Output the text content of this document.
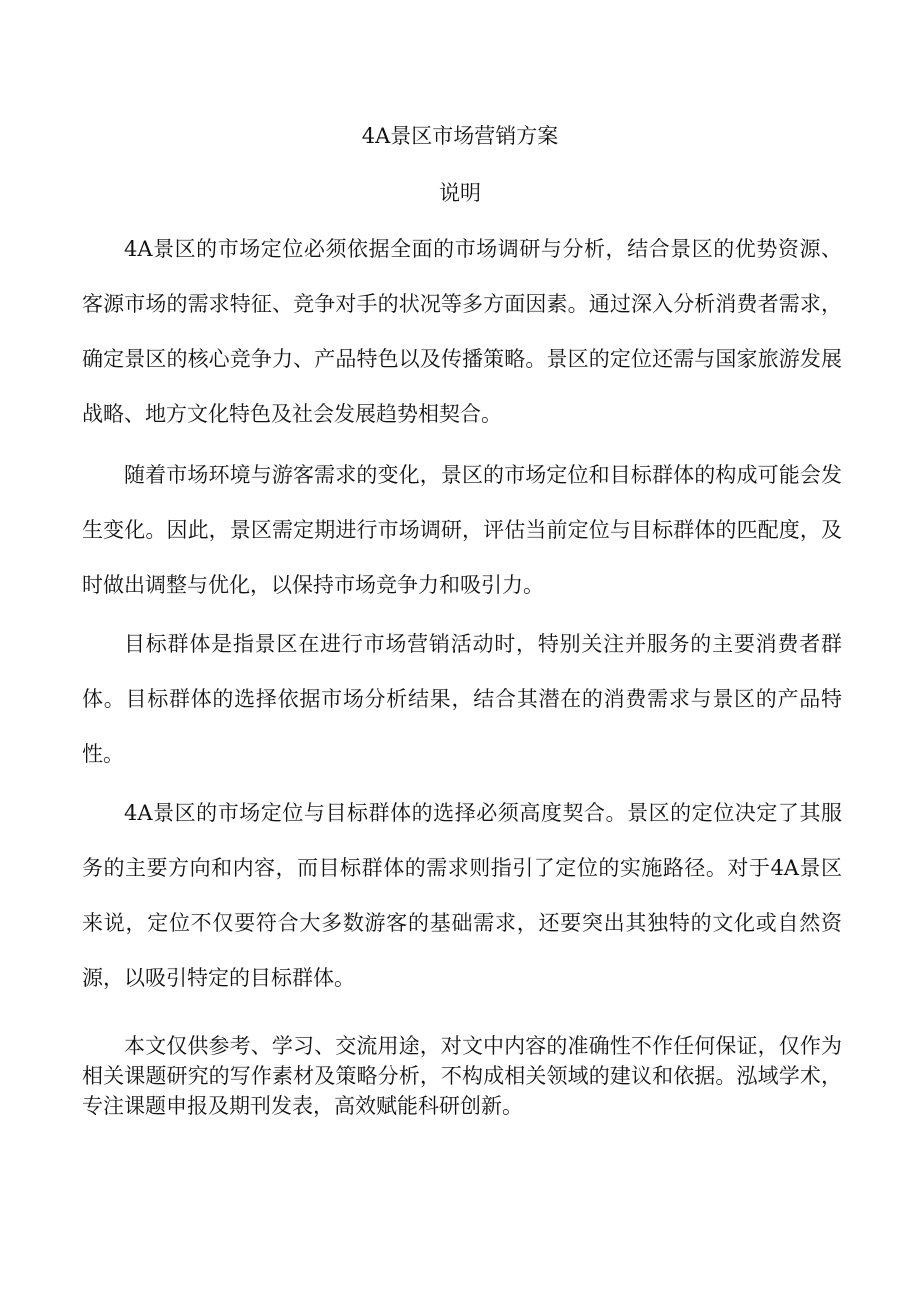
4A景区市场营销方案
说明

4A景区的市场定位必须依据全面的市场调研与分析，结合景区的优势资源、客源市场的需求特征、竞争对手的状况等多方面因素。通过深入分析消费者需求，确定景区的核心竞争力、产品特色以及传播策略。景区的定位还需与国家旅游发展战略、地方文化特色及社会发展趋势相契合。

随着市场环境与游客需求的变化，景区的市场定位和目标群体的构成可能会发生变化。因此，景区需定期进行市场调研，评估当前定位与目标群体的匹配度，及时做出调整与优化，以保持市场竞争力和吸引力。

目标群体是指景区在进行市场营销活动时，特别关注并服务的主要消费者群体。目标群体的选择依据市场分析结果，结合其潜在的消费需求与景区的产品特性。

4A景区的市场定位与目标群体的选择必须高度契合。景区的定位决定了其服务的主要方向和内容，而目标群体的需求则指引了定位的实施路径。对于4A景区来说，定位不仅要符合大多数游客的基础需求，还要突出其独特的文化或自然资源，以吸引特定的目标群体。

本文仅供参考、学习、交流用途，对文中内容的准确性不作任何保证，仅作为相关课题研究的写作素材及策略分析，不构成相关领域的建议和依据。泓域学术，专注课题申报及期刊发表，高效赋能科研创新。
